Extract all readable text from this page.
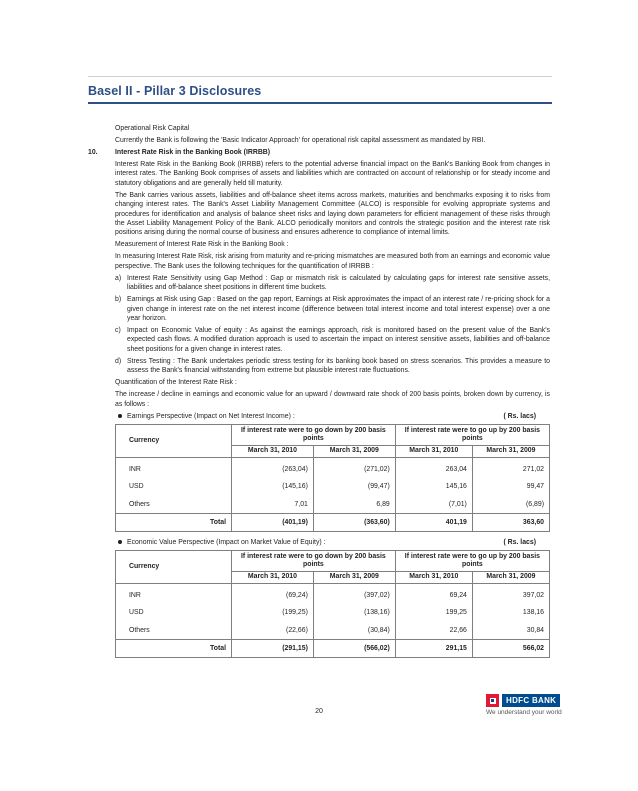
Basel II - Pillar 3 Disclosures

Operational Risk Capital

Currently the Bank is following the 'Basic Indicator Approach' for operational risk capital assessment as mandated by RBI.

10.	Interest Rate Risk in the Banking Book (IRRBB)

Interest Rate Risk in the Banking Book (IRRBB) refers to the potential adverse financial impact on the Bank's Banking Book from changes in interest rates. The Banking Book comprises of assets and liabilities which are contracted on account of relationship or for steady income and statutory obligations and are generally held till maturity.

The Bank carries various assets, liabilities and off-balance sheet items across markets, maturities and benchmarks exposing it to risks from changing interest rates. The Bank's Asset Liability Management Committee (ALCO) is responsible for evolving appropriate systems and procedures for identification and analysis of balance sheet risks and laying down parameters for efficient management of these risks through the Asset Liability Management Policy of the Bank. ALCO periodically monitors and controls the strategic position and the interest rate risk positions arising during the normal course of business and ensures adherence to compliance of internal limits.

Measurement of Interest Rate Risk in the Banking Book :

In measuring Interest Rate Risk, risk arising from maturity and re-pricing mismatches are measured both from an earnings and economic value perspective. The Bank uses the following techniques for the quantification of IRRBB :

a) Interest Rate Sensitivity using Gap Method : Gap or mismatch risk is calculated by calculating gaps for interest rate sensitive assets, liabilities and off-balance sheet positions in different time buckets.
b) Earnings at Risk using Gap : Based on the gap report, Earnings at Risk approximates the impact of an interest rate / re-pricing shock for a given change in interest rate on the net interest income (difference between total interest income and total interest expense) over a one year horizon.
c) Impact on Economic Value of equity : As against the earnings approach, risk is monitored based on the present value of the Bank's expected cash flows. A modified duration approach is used to ascertain the impact on interest sensitive assets, liabilities and off-balance sheet positions for a given change in interest rates.
d) Stress Testing : The Bank undertakes periodic stress testing for its banking book based on stress scenarios. This provides a measure to assess the Bank's financial withstanding from extreme but plausible interest rate fluctuations.

Quantification of the Interest Rate Risk :

The increase / decline in earnings and economic value for an upward / downward rate shock of 200 basis points, broken down by currency, is as follows :

Earnings Perspective (Impact on Net Interest Income) :	( Rs. lacs)
Currency	If interest rate were to go down by 200 basis points		If interest rate were to go up by 200 basis points	
	March 31, 2010	March 31, 2009	March 31, 2010	March 31, 2009
INR	(263,04)	(271,02)	263,04	271,02
USD	(145,16)	(99,47)	145,16	99,47
Others	7,01	6,89	(7,01)	(6,89)
Total	(401,19)	(363,60)	401,19	363,60
Economic Value Perspective (Impact on Market Value of Equity) :	( Rs. lacs)
Currency	If interest rate were to go down by 200 basis points		If interest rate were to go up by 200 basis points	
	March 31, 2010	March 31, 2009	March 31, 2010	March 31, 2009
INR	(69,24)	(397,02)	69,24	397,02
USD	(199,25)	(138,16)	199,25	138,16
Others	(22,66)	(30,84)	22,66	30,84
Total	(291,15)	(566,02)	291,15	566,02
20
HDFC BANK
We understand your world
